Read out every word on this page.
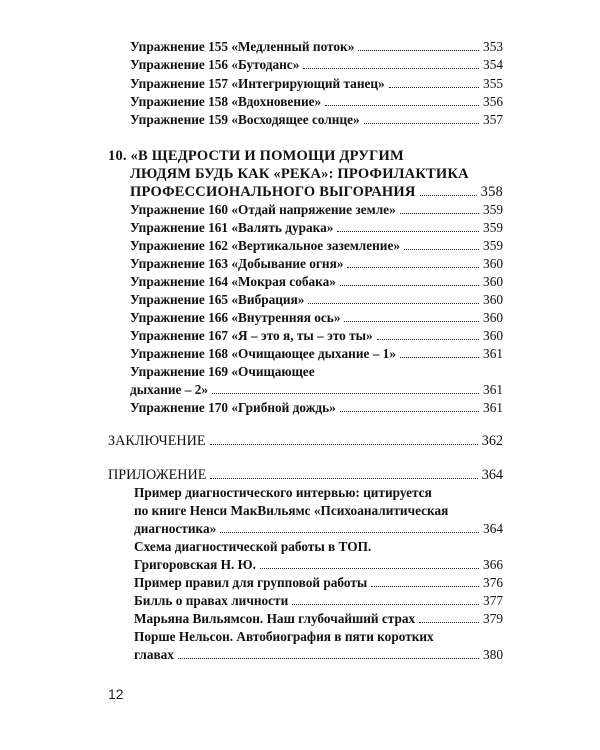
Упражнение 155 «Медленный поток»	353
Упражнение 156 «Бутоданс»	354
Упражнение 157 «Интегрирующий танец»	355
Упражнение 158 «Вдохновение»	356
Упражнение 159 «Восходящее солнце»	357
10. «В ЩЕДРОСТИ И ПОМОЩИ ДРУГИМ
ЛЮДЯМ БУДЬ КАК «РЕКА»: ПРОФИЛАКТИКА
ПРОФЕССИОНАЛЬНОГО ВЫГОРАНИЯ	358
Упражнение 160 «Отдай напряжение земле»	359
Упражнение 161 «Валять дурака»	359
Упражнение 162 «Вертикальное заземление»	359
Упражнение 163 «Добывание огня»	360
Упражнение 164 «Мокрая собака»	360
Упражнение 165 «Вибрация»	360
Упражнение 166 «Внутренняя ось»	360
Упражнение 167 «Я – это я, ты – это ты»	360
Упражнение 168 «Очищающее дыхание – 1»	361
Упражнение 169 «Очищающее
дыхание – 2»	361
Упражнение 170 «Грибной дождь»	361
ЗАКЛЮЧЕНИЕ	362
ПРИЛОЖЕНИЕ	364
Пример диагностического интервью: цитируется
по книге Ненси МакВильямс «Психоаналитическая
диагностика»	364
Схема диагностической работы в ТОП.
Григоровская Н. Ю.	366
Пример правил для групповой работы	376
Билль о правах личности	377
Марьяна Вильямсон. Наш глубочайший страх	379
Порше Нельсон. Автобиография в пяти коротких
главах	380
12
